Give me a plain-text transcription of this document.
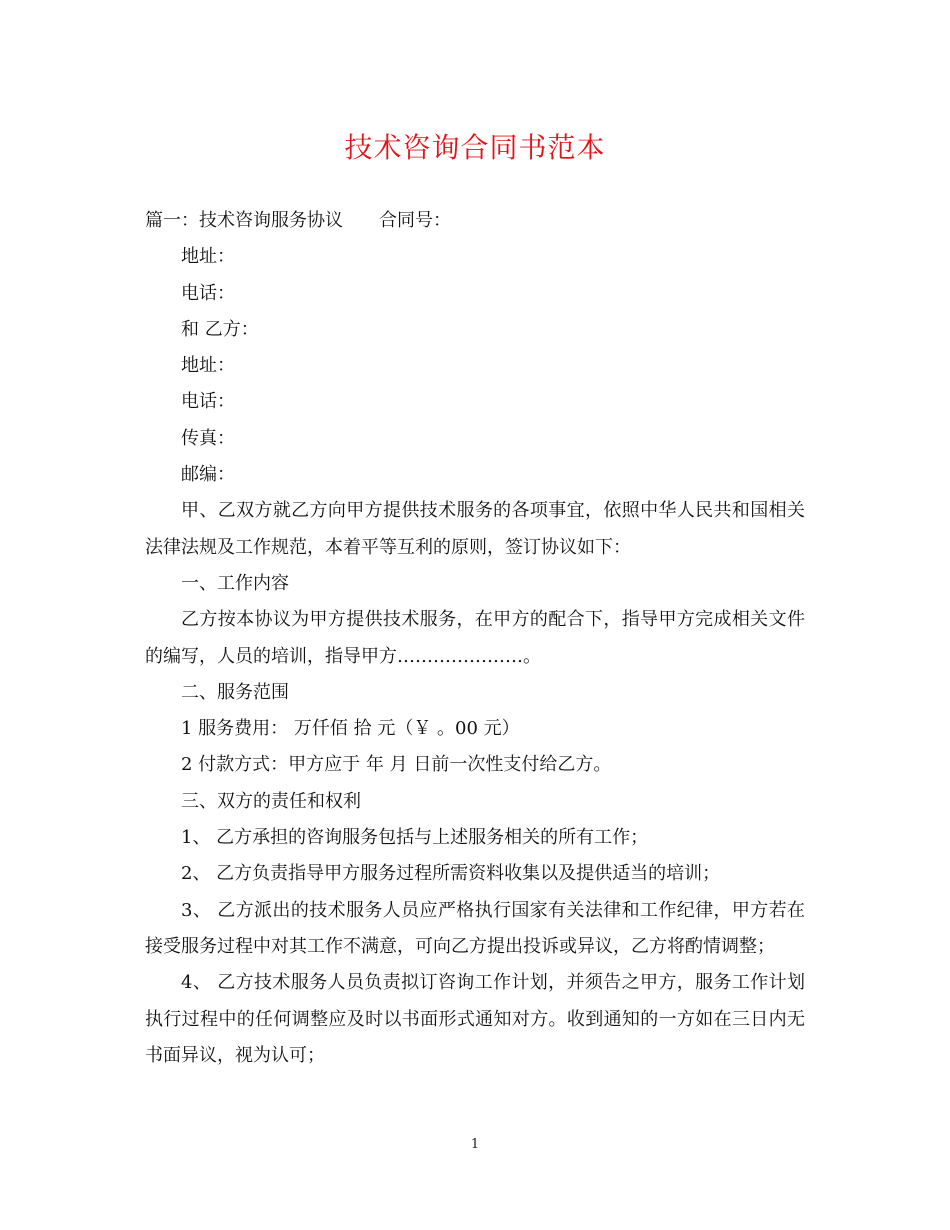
技术咨询合同书范本

篇一：技术咨询服务协议 合同号：

地址：

电话：

和 乙方：

地址：

电话：

传真：

邮编：

甲、乙双方就乙方向甲方提供技术服务的各项事宜，依照中华人民共和国相关法律法规及工作规范，本着平等互利的原则，签订协议如下：

一、工作内容

乙方按本协议为甲方提供技术服务，在甲方的配合下，指导甲方完成相关文件的编写，人员的培训，指导甲方…………………。

二、服务范围

1 服务费用： 万仟佰 拾 元（￥ 。00 元）

2 付款方式：甲方应于 年 月 日前一次性支付给乙方。

三、双方的责任和权利

1、 乙方承担的咨询服务包括与上述服务相关的所有工作；

2、 乙方负责指导甲方服务过程所需资料收集以及提供适当的培训；

3、 乙方派出的技术服务人员应严格执行国家有关法律和工作纪律，甲方若在接受服务过程中对其工作不满意，可向乙方提出投诉或异议，乙方将酌情调整；

4、 乙方技术服务人员负责拟订咨询工作计划，并须告之甲方，服务工作计划执行过程中的任何调整应及时以书面形式通知对方。收到通知的一方如在三日内无书面异议，视为认可；

1
